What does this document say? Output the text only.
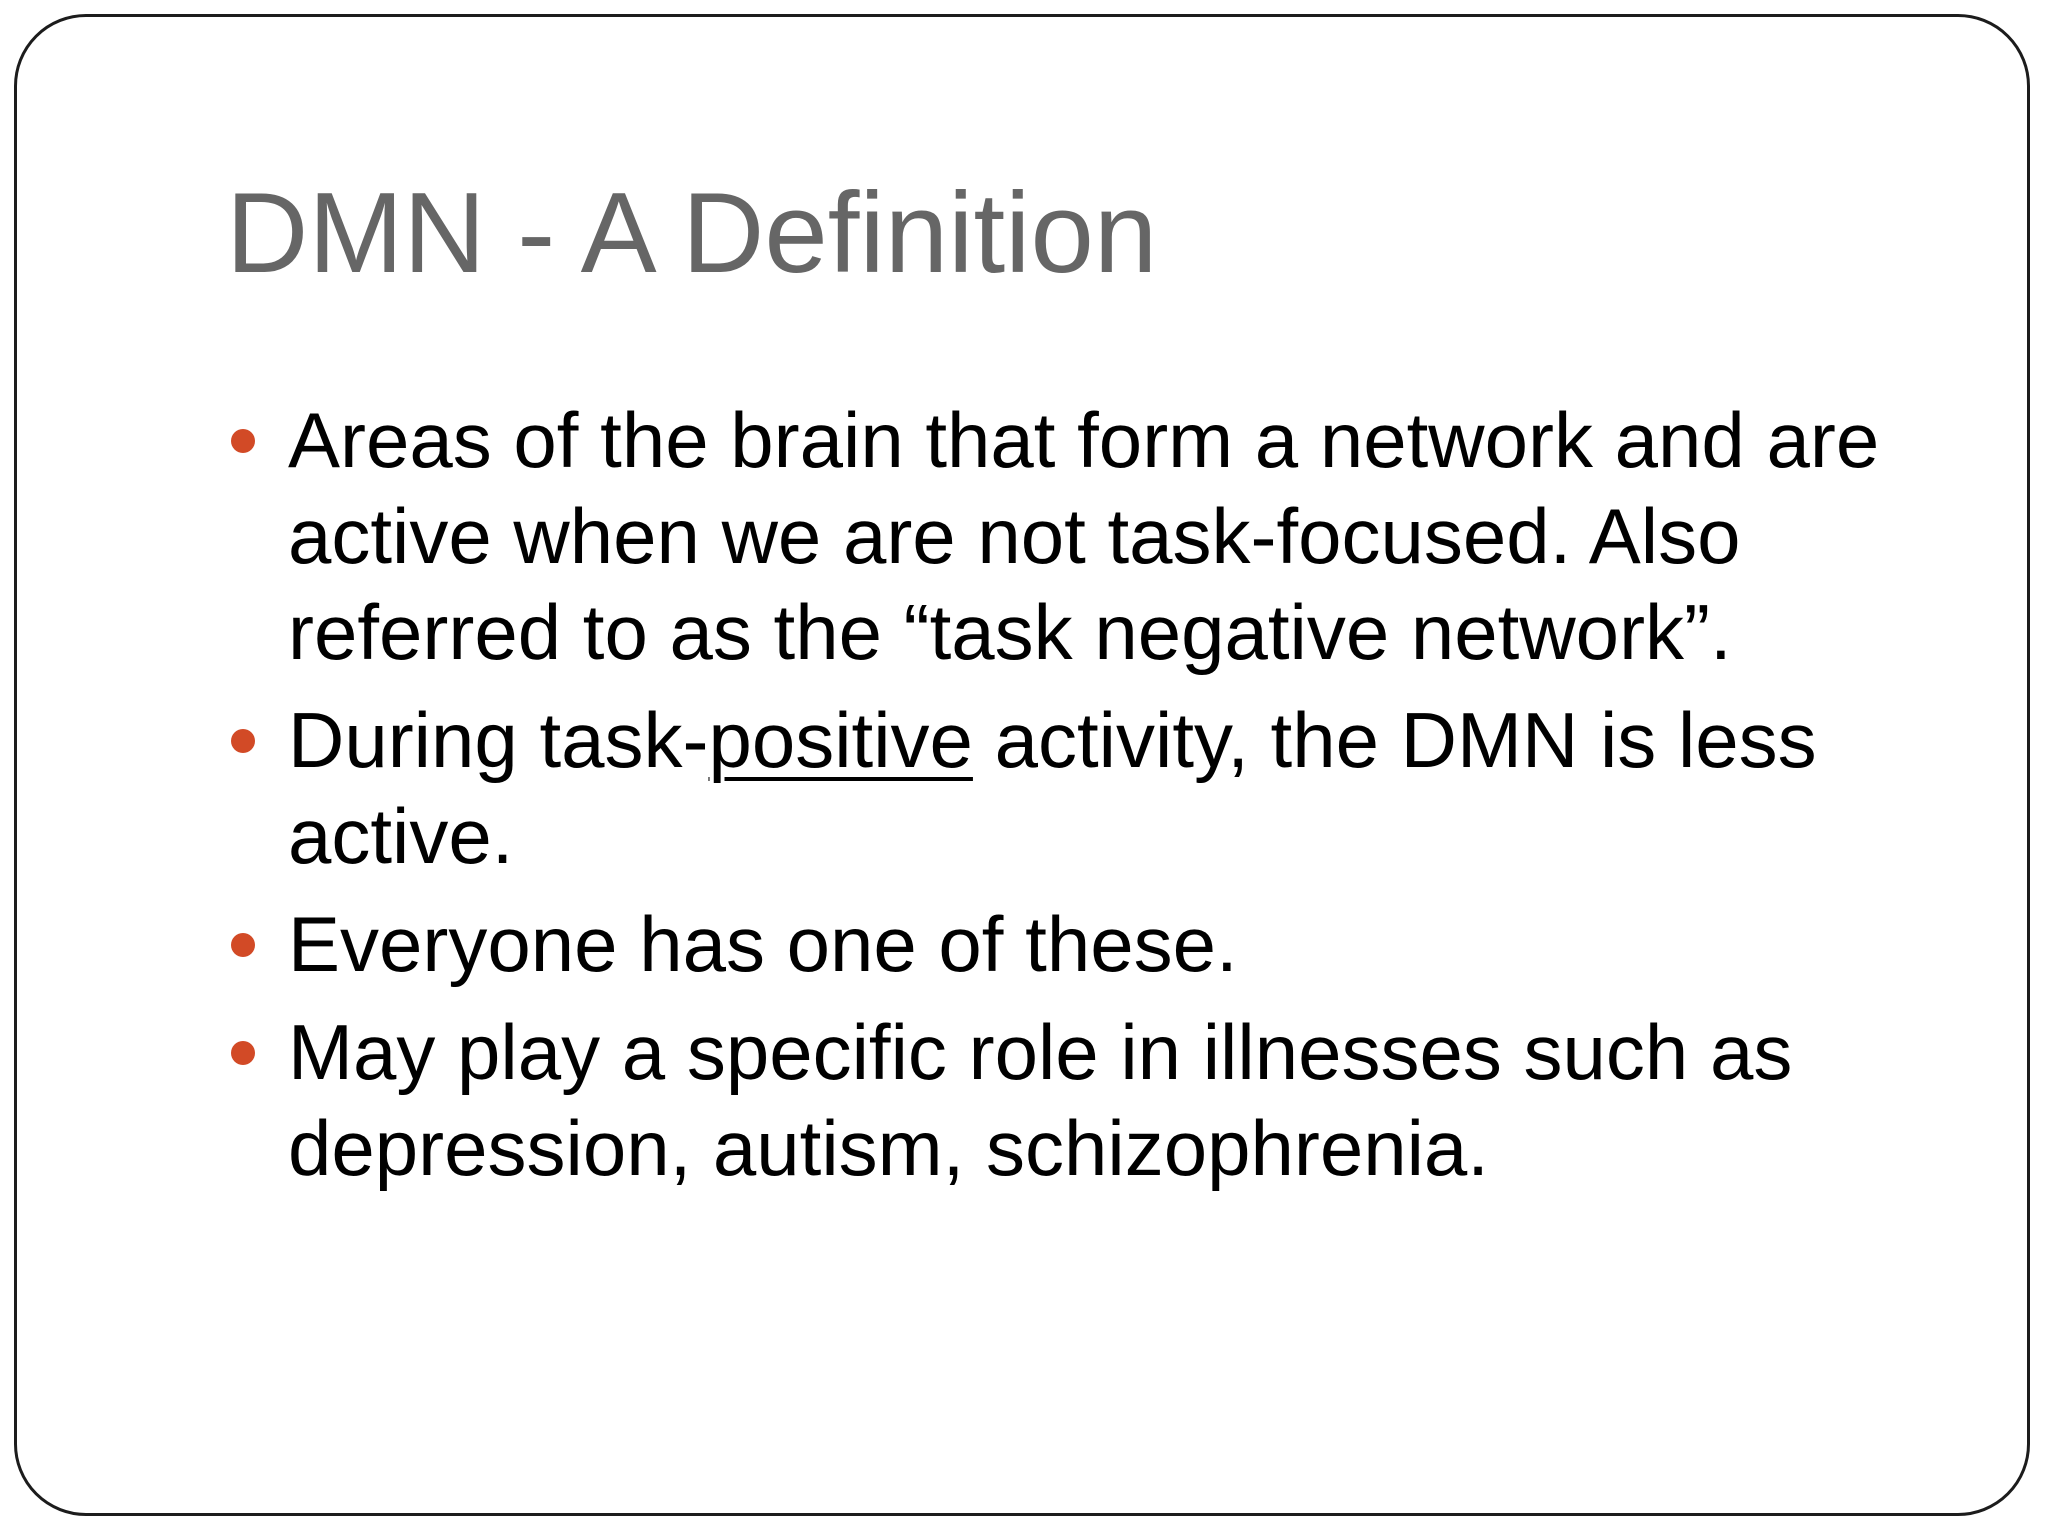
DMN - A Definition
Areas of the brain that form a network and are active when we are not task-focused. Also referred to as the “task negative network”.
During task-positive activity, the DMN is less active.
Everyone has one of these.
May play a specific role in illnesses such as depression, autism, schizophrenia.
